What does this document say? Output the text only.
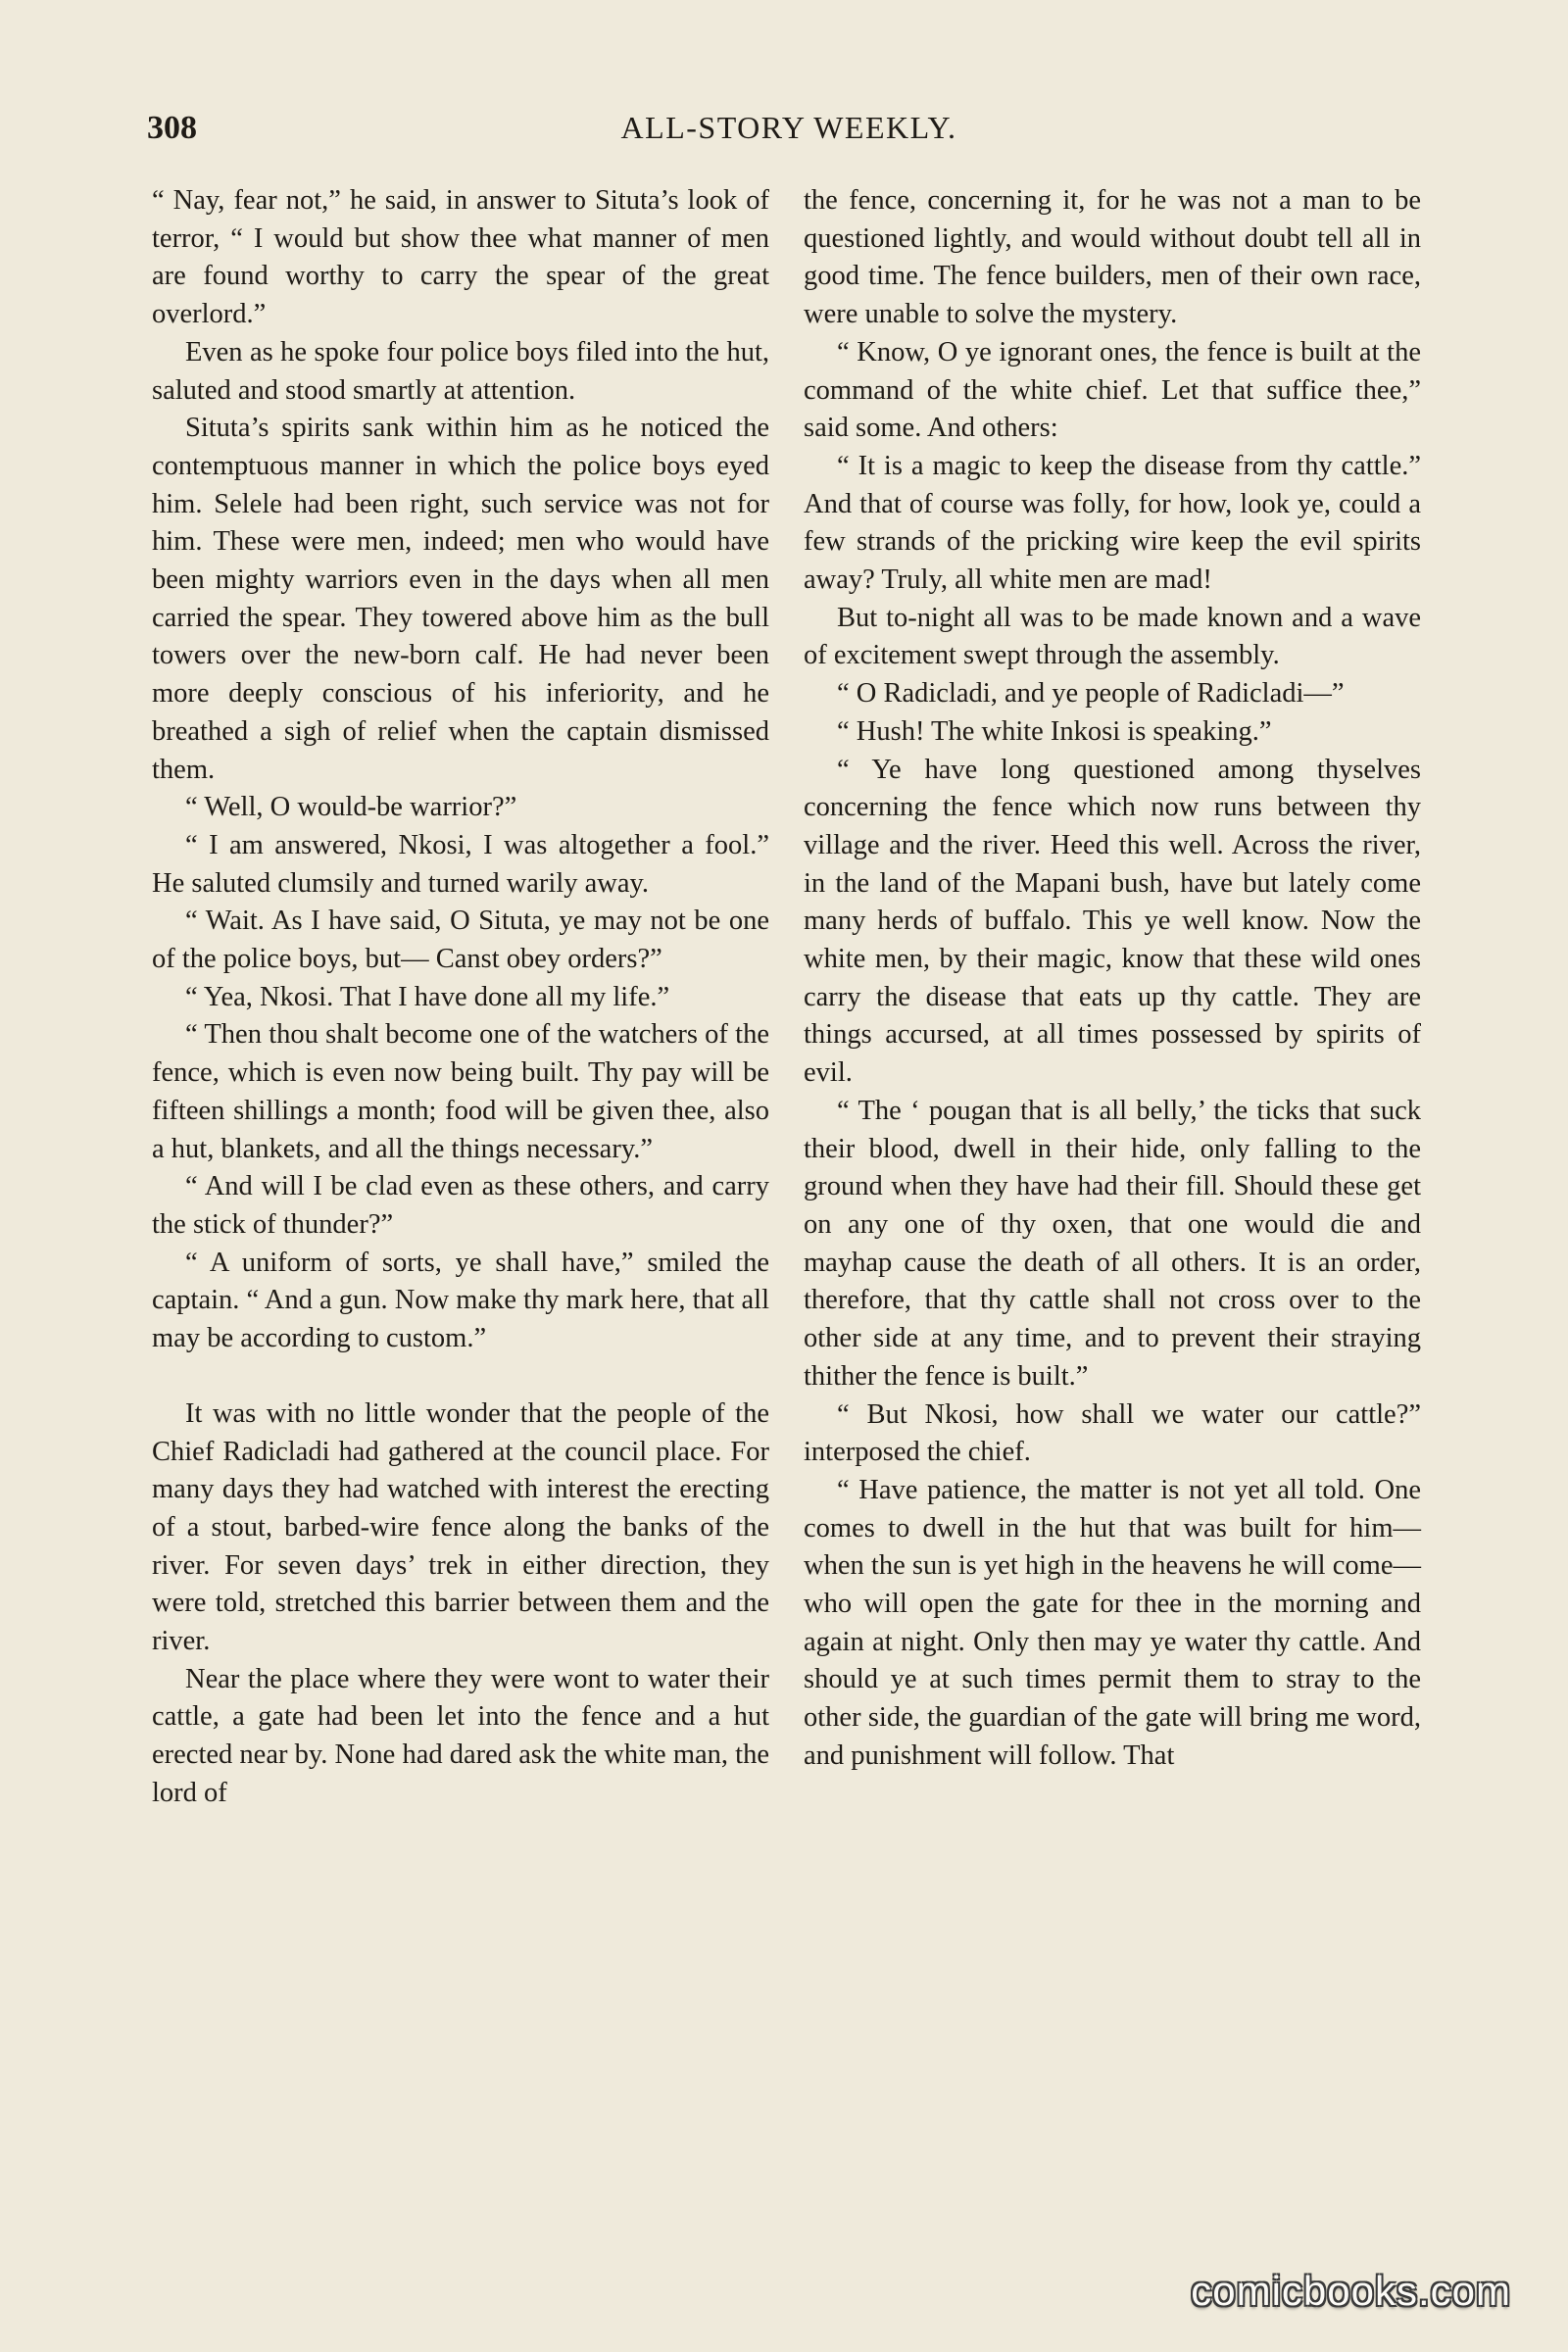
308	ALL-STORY WEEKLY.

“ Nay, fear not,” he said, in answer to Situta’s look of terror, “ I would but show thee what manner of men are found worthy to carry the spear of the great overlord.”

Even as he spoke four police boys filed into the hut, saluted and stood smartly at attention.

Situta’s spirits sank within him as he noticed the contemptuous manner in which the police boys eyed him. Selele had been right, such service was not for him. These were men, indeed; men who would have been mighty warriors even in the days when all men carried the spear. They towered above him as the bull towers over the new-born calf. He had never been more deeply conscious of his inferiority, and he breathed a sigh of relief when the captain dismissed them.

“ Well, O would-be warrior?”

“ I am answered, Nkosi, I was altogether a fool.” He saluted clumsily and turned warily away.

“ Wait. As I have said, O Situta, ye may not be one of the police boys, but— Canst obey orders?”

“ Yea, Nkosi. That I have done all my life.”

“ Then thou shalt become one of the watchers of the fence, which is even now being built. Thy pay will be fifteen shillings a month; food will be given thee, also a hut, blankets, and all the things necessary.”

“ And will I be clad even as these others, and carry the stick of thunder?”

“ A uniform of sorts, ye shall have,” smiled the captain. “ And a gun. Now make thy mark here, that all may be according to custom.”

It was with no little wonder that the people of the Chief Radicladi had gathered at the council place. For many days they had watched with interest the erecting of a stout, barbed-wire fence along the banks of the river. For seven days’ trek in either direction, they were told, stretched this barrier between them and the river.

Near the place where they were wont to water their cattle, a gate had been let into the fence and a hut erected near by. None had dared ask the white man, the lord of

the fence, concerning it, for he was not a man to be questioned lightly, and would without doubt tell all in good time. The fence builders, men of their own race, were unable to solve the mystery.

“ Know, O ye ignorant ones, the fence is built at the command of the white chief. Let that suffice thee,” said some. And others:

“ It is a magic to keep the disease from thy cattle.” And that of course was folly, for how, look ye, could a few strands of the pricking wire keep the evil spirits away? Truly, all white men are mad!

But to-night all was to be made known and a wave of excitement swept through the assembly.

“ O Radicladi, and ye people of Radicladi—”

“ Hush! The white Inkosi is speaking.”

“ Ye have long questioned among thyselves concerning the fence which now runs between thy village and the river. Heed this well. Across the river, in the land of the Mapani bush, have but lately come many herds of buffalo. This ye well know. Now the white men, by their magic, know that these wild ones carry the disease that eats up thy cattle. They are things accursed, at all times possessed by spirits of evil.

“ The ‘ pougan that is all belly,’ the ticks that suck their blood, dwell in their hide, only falling to the ground when they have had their fill. Should these get on any one of thy oxen, that one would die and mayhap cause the death of all others. It is an order, therefore, that thy cattle shall not cross over to the other side at any time, and to prevent their straying thither the fence is built.”

“ But Nkosi, how shall we water our cattle?” interposed the chief.

“ Have patience, the matter is not yet all told. One comes to dwell in the hut that was built for him—when the sun is yet high in the heavens he will come—who will open the gate for thee in the morning and again at night. Only then may ye water thy cattle. And should ye at such times permit them to stray to the other side, the guardian of the gate will bring me word, and punishment will follow. That

comicbooks.com
